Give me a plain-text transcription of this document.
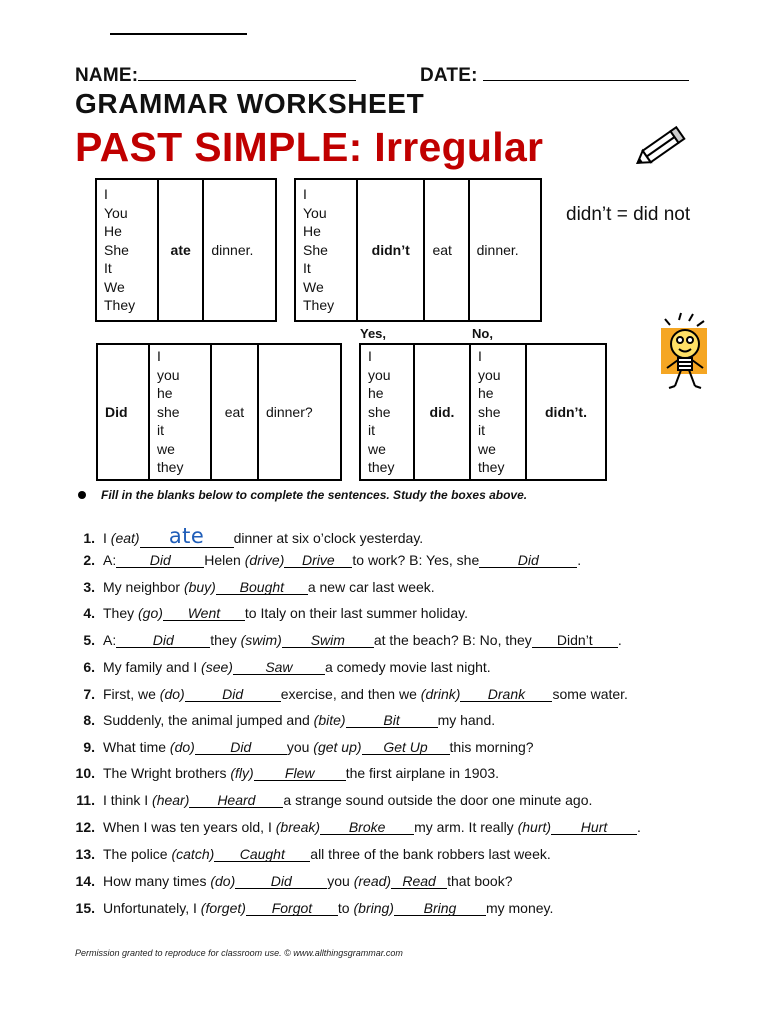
NAME:	DATE:
GRAMMAR WORKSHEET
PAST SIMPLE: Irregular
didn’t = did not
I
You
He
She
It
We
They	ate	dinner.
I
You
He
She
It
We
They	didn’t	eat	dinner.
Yes,	No,
Did	I
you
he
she
it
we
they	eat	dinner?
I
you
he
she
it
we
they	did.	I
you
he
she
it
we
they	didn’t.
Fill in the blanks below to complete the sentences. Study the boxes above.
1. I (eat) ate dinner at six o’clock yesterday.
2. A: Did Helen (drive) Drive to work? B: Yes, she	Did	.
3. My neighbor (buy) Bought a new car last week.
4. They (go) Went to Italy on their last summer holiday.
5. A:	Did	they (swim) Swim at the beach? B: No, they Didn’t .
6. My family and I (see) Saw a comedy movie last night.
7. First, we (do)	Did	exercise, and then we (drink) Drank some water.
8. Suddenly, the animal jumped and (bite)	Bit	my hand.
9. What time (do)	Did	you (get up) Get Up this morning?
10. The Wright brothers (fly) Flew the first airplane in 1903.
11. I think I (hear) Heard a strange sound outside the door one minute ago.
12. When I was ten years old, I (break) Broke my arm. It really (hurt) Hurt .
13. The police (catch) Caught all three of the bank robbers last week.
14. How many times (do)	Did	you (read) Read that book?
15. Unfortunately, I (forget) Forgot to (bring) Bring my money.
Permission granted to reproduce for classroom use. © www.allthingsgrammar.com
